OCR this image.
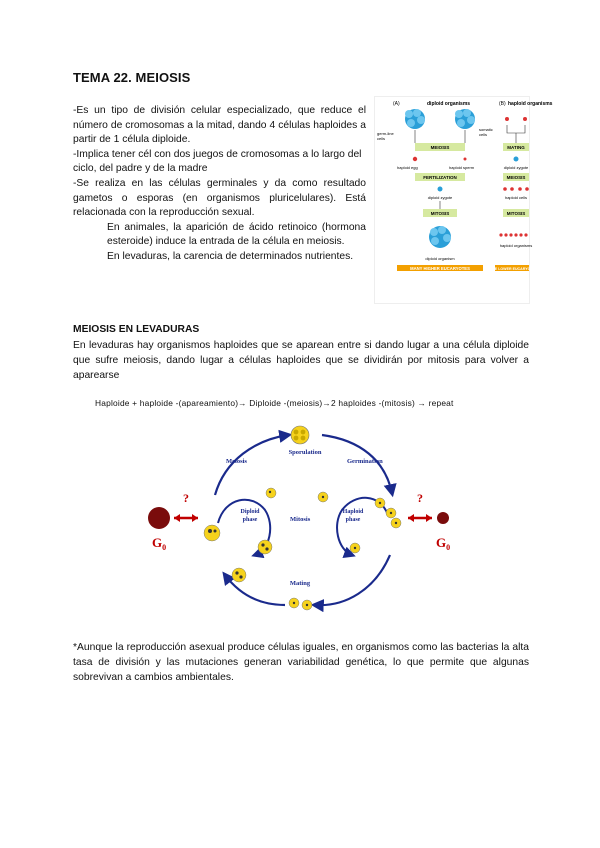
TEMA 22. MEIOSIS

-Es un tipo de división celular especializado, que reduce el número de cromosomas a la mitad, dando 4 células haploides a partir de 1 célula diploide.

-Implica tener cél con dos juegos de cromosomas a lo largo del ciclo, del padre y de la madre

-Se realiza en las células germinales y da como resultado gametos o esporas (en organismos pluricelulares). Está relacionada con la reproducción sexual.

En animales, la aparición de ácido retinoico (hormona esteroide) induce la entrada de la célula en meiosis.

En levaduras, la carencia de determinados nutrientes.

(A)	diploid organisms
germ-line
cells
somatic
cells
MEIOSIS
haploid egg	haploid sperm
FERTILIZATION
diploid zygote
MITOSIS
diploid organism
MANY HIGHER EUCARYOTES
(B) haploid organisms
MATING
diploid zygote
MEIOSIS
haploid cells
MITOSIS
haploid organisms
SOME LOWER EUCARYOTES
MEIOSIS EN LEVADURAS

En levaduras hay organismos haploides que se aparean entre si dando lugar a una célula diploide que sufre meiosis, dando lugar a células haploides que se dividirán por mitosis para volver a aparearse

Haploide + haploide -(apareamiento)→ Diploide -(meiosis)→2 haploides -(mitosis) → repeat
Meiosis
Sporulation
Germination
Diploid
phase	Mitosis
Haploid
phase
Mating
?
$G_0$
?
$G_0$

*Aunque la reproducción asexual produce células iguales, en organismos como las bacterias la alta tasa de división y las mutaciones generan variabilidad genética, lo que permite que algunas sobrevivan a cambios ambientales.
